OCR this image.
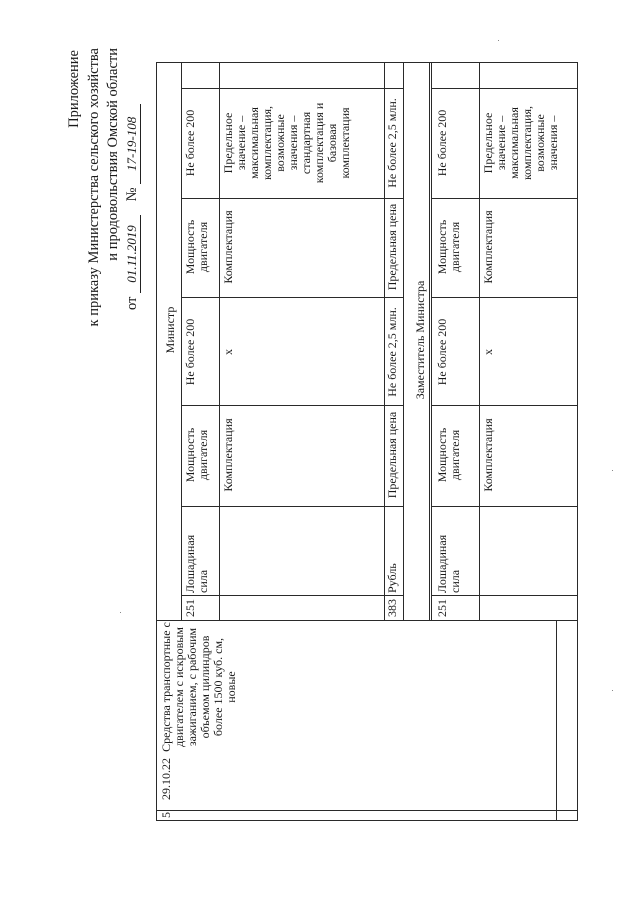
Приложение к приказу Министерства сельского хозяйства и продовольствия Омской области
от 01.11.2019 № 17-19-108
5
29.10.22
Средства транспортные с двигателем с искровым зажиганием, с рабочим объемом цилиндров более 1500 куб. см, новые
Министр
251
Лошадиная сила
Мощность двигателя
Не более 200
Мощность двигателя
Не более 200
Комплектация
x
Комплектация
Предельное значение – максимальная комплектация, возможные значения – стандартная комплектация и базовая комплектация
383
Рубль
Предельная цена
Не более 2,5 млн.
Предельная цена
Не более 2,5 млн.
Заместитель Министра
251
Лошадиная сила
Мощность двигателя
Не более 200
Мощность двигателя
Не более 200
Комплектация
x
Комплектация
Предельное значение – максимальная комплектация, возможные значения –
